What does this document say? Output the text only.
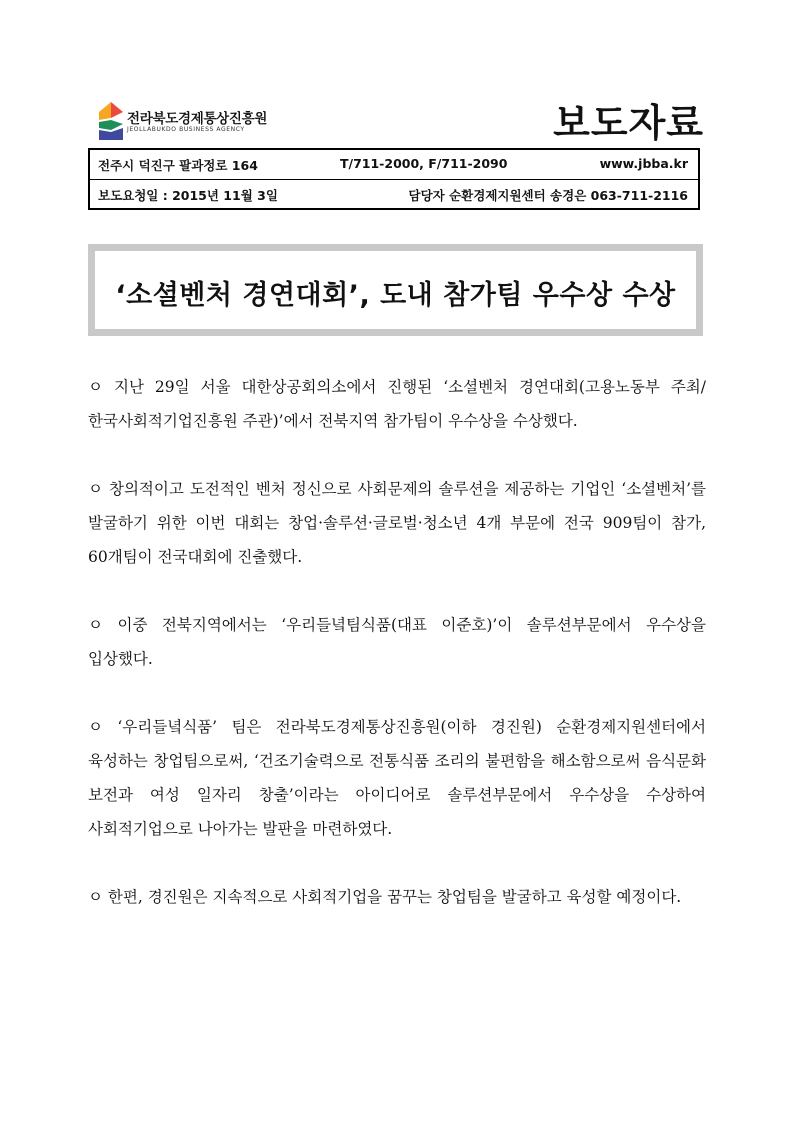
전라북도경제통상진흥원
JEOLLABUKDO BUSINESS AGENCY	보도자료
전주시 덕진구 팔과정로 164	T/711-2000, F/711-2090	www.jbba.kr
보도요청일 : 2015년 11월 3일	담당자 순환경제지원센터 송경은 063-711-2116
‘소셜벤처 경연대회’, 도내 참가팀 우수상 수상

ㅇ 지난 29일 서울 대한상공회의소에서 진행된 ‘소셜벤처 경연대회(고용노동부 주최/한국사회적기업진흥원 주관)’에서 전북지역 참가팀이 우수상을 수상했다.

ㅇ 창의적이고 도전적인 벤처 정신으로 사회문제의 솔루션을 제공하는 기업인 ‘소셜벤처’를 발굴하기 위한 이번 대회는 창업·솔루션·글로벌·청소년 4개 부문에 전국 909팀이 참가, 60개팀이 전국대회에 진출했다.

ㅇ 이중 전북지역에서는 ‘우리들녘팀식품(대표 이준호)’이 솔루션부문에서 우수상을 입상했다.

ㅇ ‘우리들녘식품’ 팀은 전라북도경제통상진흥원(이하 경진원) 순환경제지원센터에서 육성하는 창업팀으로써, ‘건조기술력으로 전통식품 조리의 불편함을 해소함으로써 음식문화 보전과 여성 일자리 창출’이라는 아이디어로 솔루션부문에서 우수상을 수상하여 사회적기업으로 나아가는 발판을 마련하였다.

ㅇ 한편, 경진원은 지속적으로 사회적기업을 꿈꾸는 창업팀을 발굴하고 육성할 예정이다.
